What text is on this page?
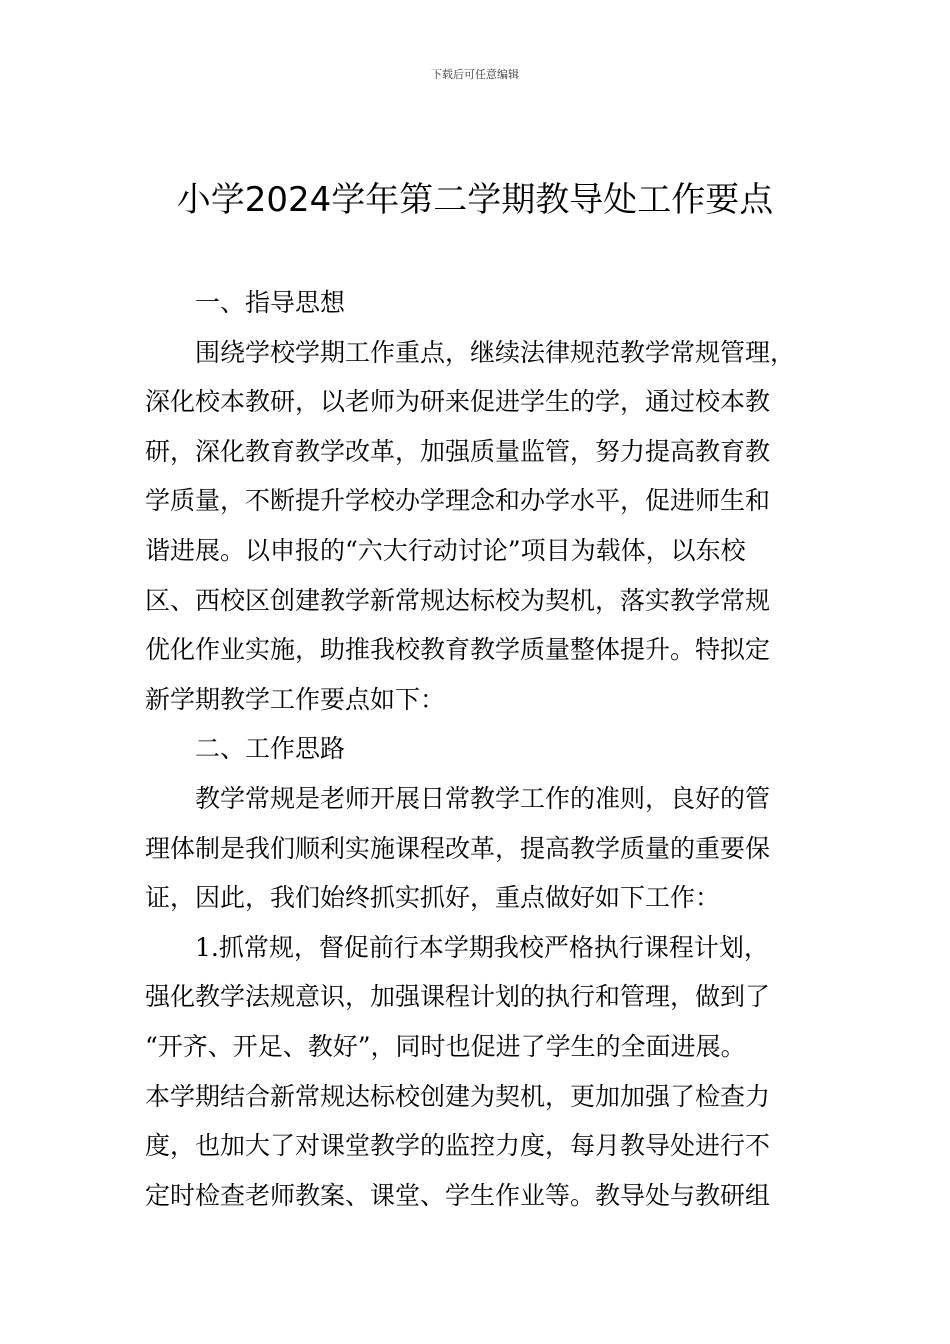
下载后可任意编辑
小学2024学年第二学期教导处工作要点
一、指导思想
围绕学校学期工作重点，继续法律规范教学常规管理，
深化校本教研，以老师为研来促进学生的学，通过校本教
研，深化教育教学改革，加强质量监管，努力提高教育教
学质量，不断提升学校办学理念和办学水平，促进师生和
谐进展。以申报的“六大行动讨论”项目为载体，以东校
区、西校区创建教学新常规达标校为契机，落实教学常规
优化作业实施，助推我校教育教学质量整体提升。特拟定
新学期教学工作要点如下：
二、工作思路
教学常规是老师开展日常教学工作的准则，良好的管
理体制是我们顺利实施课程改革，提高教学质量的重要保
证，因此，我们始终抓实抓好，重点做好如下工作：
1.抓常规，督促前行本学期我校严格执行课程计划，
强化教学法规意识，加强课程计划的执行和管理，做到了
“开齐、开足、教好”，同时也促进了学生的全面进展。
本学期结合新常规达标校创建为契机，更加加强了检查力
度，也加大了对课堂教学的监控力度，每月教导处进行不
定时检查老师教案、课堂、学生作业等。教导处与教研组
